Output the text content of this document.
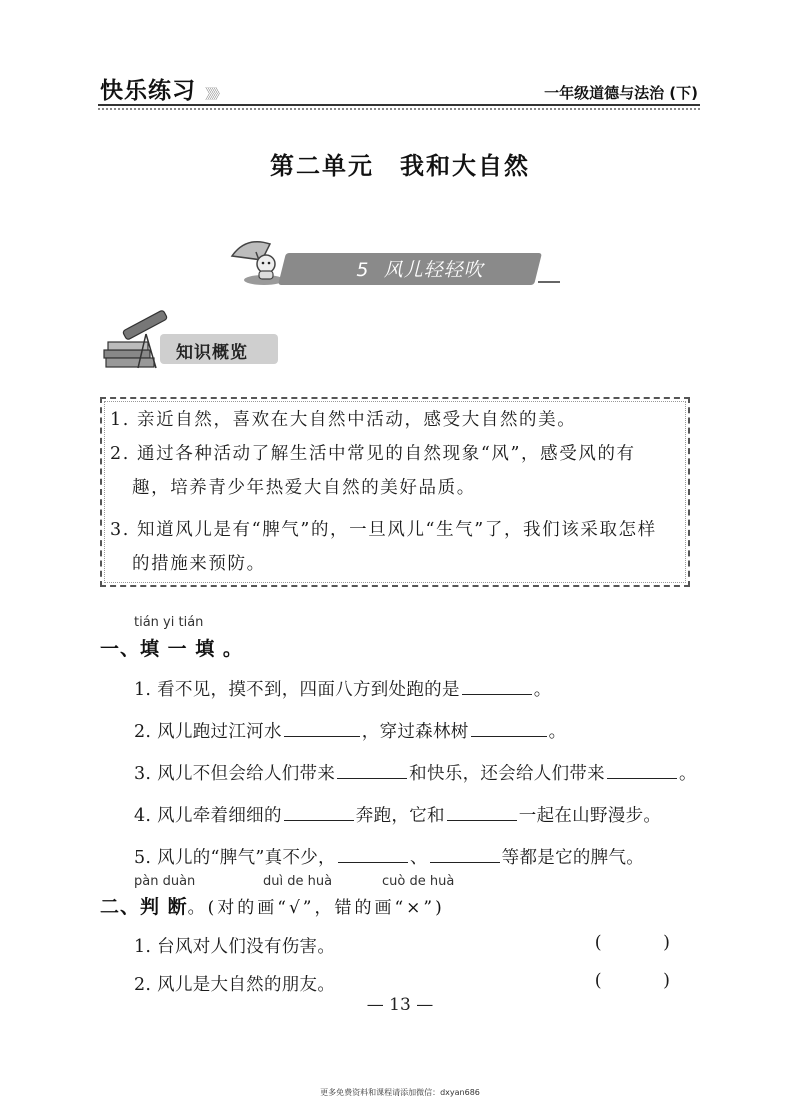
快乐练习 》》》	一年级道德与法治 (下)
第二单元　我和大自然
5 风儿轻轻吹
知识概览
1. 亲近自然，喜欢在大自然中活动，感受大自然的美。
2. 通过各种活动了解生活中常见的自然现象“风”，感受风的有
趣，培养青少年热爱大自然的美好品质。
3. 知道风儿是有“脾气”的，一旦风儿“生气”了，我们该采取怎样
的措施来预防。
tián yi tián
一、填 一 填 。
1. 看不见，摸不到，四面八方到处跑的是	。
2. 风儿跑过江河水	，穿过森林树	。
3. 风儿不但会给人们带来	和快乐，还会给人们带来	。
4. 风儿牵着细细的	奔跑，它和	一起在山野漫步。
5. 风儿的“脾气”真不少，	、	等都是它的脾气。
pàn duàn	duì de huà	cuò de huà
二、判 断。(对的画“√”，错的画“×”)
1. 台风对人们没有伤害。	( )
2. 风儿是大自然的朋友。	( )
— 13 —
更多免费资料和课程请添加微信：dxyan686
